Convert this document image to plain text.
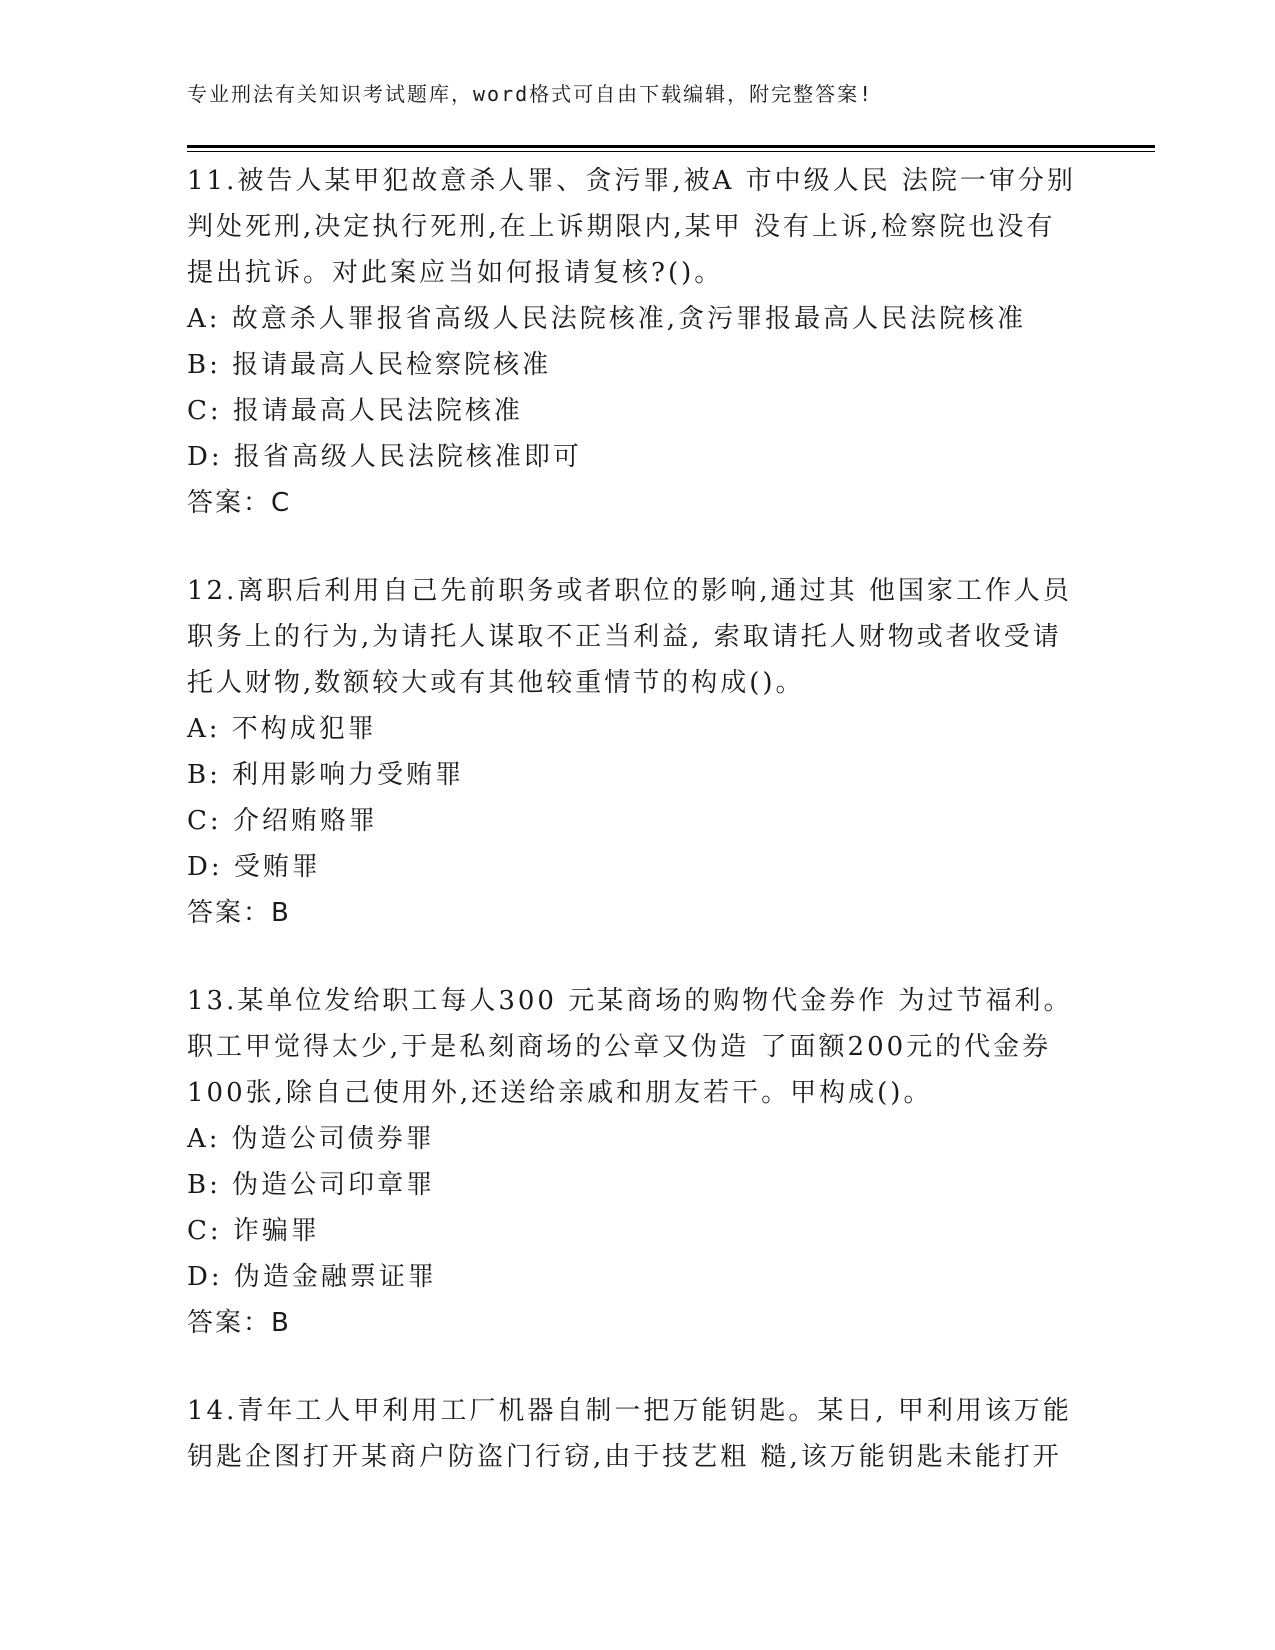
专业刑法有关知识考试题库，word格式可自由下载编辑，附完整答案!
11.被告人某甲犯故意杀人罪、贪污罪,被A 市中级人民 法院一审分别
判处死刑,决定执行死刑,在上诉期限内,某甲 没有上诉,检察院也没有
提出抗诉。对此案应当如何报请复核?()。
A: 故意杀人罪报省高级人民法院核准,贪污罪报最高人民法院核准
B: 报请最高人民检察院核准
C: 报请最高人民法院核准
D: 报省高级人民法院核准即可
答案：C
12.离职后利用自己先前职务或者职位的影响,通过其 他国家工作人员
职务上的行为,为请托人谋取不正当利益, 索取请托人财物或者收受请
托人财物,数额较大或有其他较重情节的构成()。
A: 不构成犯罪
B: 利用影响力受贿罪
C: 介绍贿赂罪
D: 受贿罪
答案：B
13.某单位发给职工每人300 元某商场的购物代金券作 为过节福利。
职工甲觉得太少,于是私刻商场的公章又伪造 了面额200元的代金券
100张,除自己使用外,还送给亲戚和朋友若干。甲构成()。
A: 伪造公司债券罪
B: 伪造公司印章罪
C: 诈骗罪
D: 伪造金融票证罪
答案：B
14.青年工人甲利用工厂机器自制一把万能钥匙。某日, 甲利用该万能
钥匙企图打开某商户防盗门行窃,由于技艺粗 糙,该万能钥匙未能打开
